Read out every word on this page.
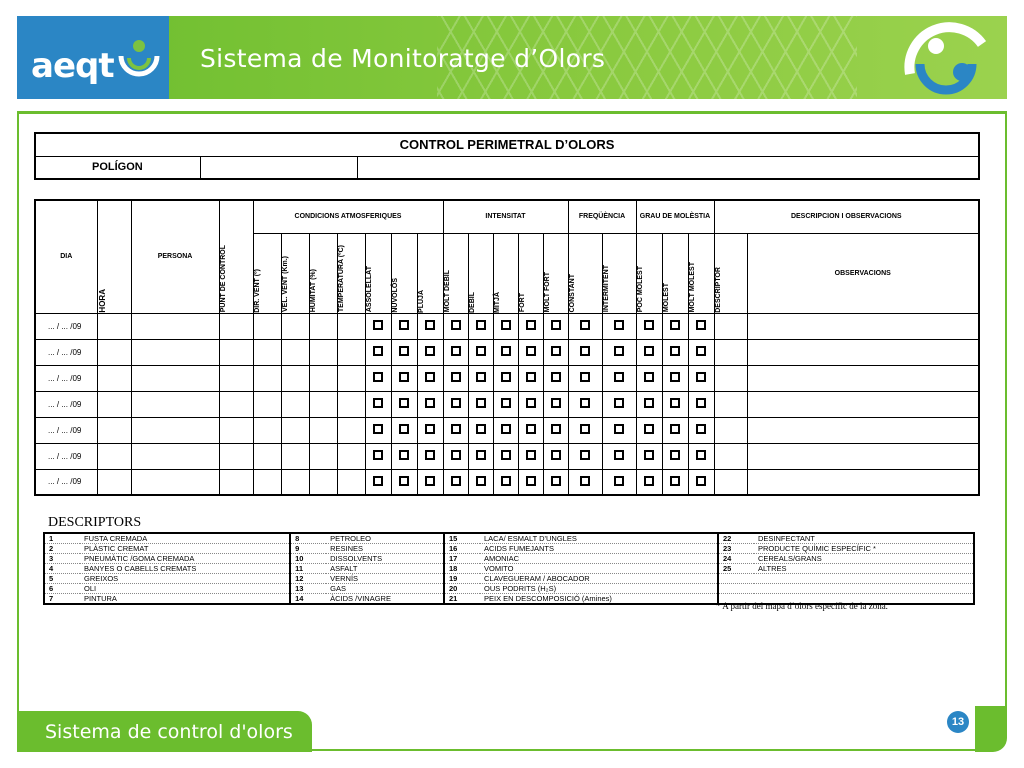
aeqt	Sistema de Monitoratge d’Olors
CONTROL PERIMETRAL D’OLORS
POLÍGON		
DIA	HORA	PERSONA	PUNT DE CONTROL	CONDICIONS ATMOSFERIQUES							INTENSITAT					FREQÜÈNCIA		GRAU DE MOLÈSTIA			DESCRIPCION I OBSERVACIONS	

				DIR. VENT (º)	VEL. VENT (Km.)	HUMITAT (%)	TEMPERATURA (ºC)	ASSOLELLAT	NUVOLÓS	PLUJA	MOLT DEBIL	DEBIL	MITJÀ	FORT	MOLT FORT	CONSTANT	INTERMITENT	POC MOLEST	MOLEST	MOLT MOLEST	DESCRIPTOR	OBSERVACIONS
... / ... /09																						
... / ... /09																						
... / ... /09																						
... / ... /09																						
... / ... /09																						
... / ... /09																						
... / ... /09																						
DESCRIPTORS
1	FUSTA CREMADA	8	PETROLEO	15	LACA/ ESMALT D'UNGLES	22	DESINFECTANT
2	PLÀSTIC CREMAT	9	RESINES	16	ACIDS FUMEJANTS	23	PRODUCTE QUÍMIC ESPECÍFIC *
3	PNEUMÀTIC /GOMA CREMADA	10	DISSOLVENTS	17	AMONIAC	24	CEREALS/GRANS
4	BANYES O CABELLS CREMATS	11	ASFALT	18	VOMITO	25	ALTRES
5	GREIXOS	12	VERNÍS	19	CLAVEGUERAM / ABOCADOR		
6	OLI	13	GAS	20	OUS PODRITS (H₂S)		
7	PINTURA	14	ÀCIDS /VINAGRE	21	PEIX EN DESCOMPOSICIÓ (Amines)		
* A partir del mapa d’olors específic de la zona.
Sistema de control d'olors	13
